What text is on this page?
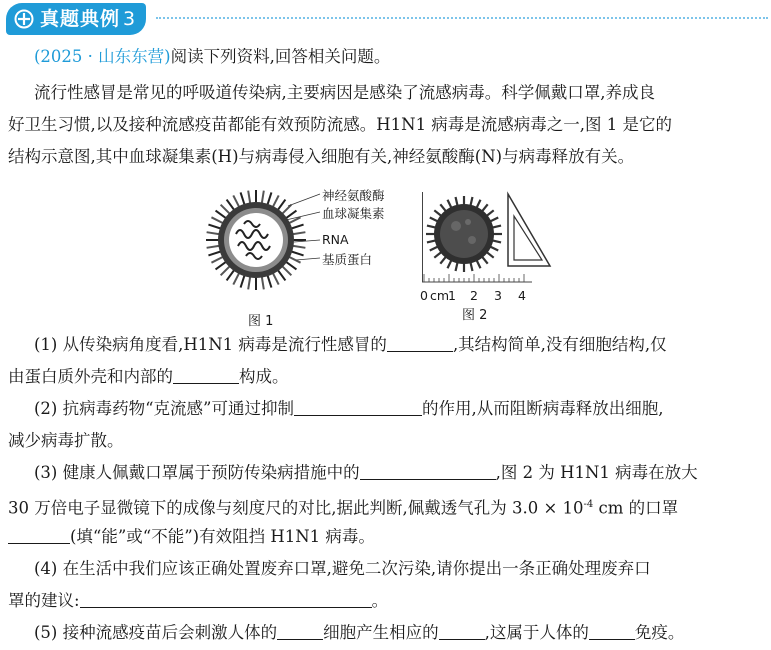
真题典例 3

(2025 · 山东东营)阅读下列资料,回答相关问题。

流行性感冒是常见的呼吸道传染病,主要病因是感染了流感病毒。科学佩戴口罩,养成良

好卫生习惯,以及接种流感疫苗都能有效预防流感。H1N1 病毒是流感病毒之一,图 1 是它的

结构示意图,其中血球凝集素(H)与病毒侵入细胞有关,神经氨酸酶(N)与病毒释放有关。

神经氨酸酶
血球凝集素
RNA
基质蛋白
图 1
0 cm
1 2 3 4
图 2

(1) 从传染病角度看,H1N1 病毒是流行性感冒的	,其结构简单,没有细胞结构,仅

由蛋白质外壳和内部的	构成。

(2) 抗病毒药物“克流感”可通过抑制	的作用,从而阻断病毒释放出细胞,

减少病毒扩散。

(3) 健康人佩戴口罩属于预防传染病措施中的	,图 2 为 H1N1 病毒在放大

30 万倍电子显微镜下的成像与刻度尺的对比,据此判断,佩戴透气孔为 $3.0 \times 10^{-4}$ cm 的口罩

(填“能”或“不能”)有效阻挡 H1N1 病毒。

(4) 在生活中我们应该正确处置废弃口罩,避免二次污染,请你提出一条正确处理废弃口

罩的建议:	。

(5) 接种流感疫苗后会刺激人体的	细胞产生相应的	,这属于人体的	免疫。
